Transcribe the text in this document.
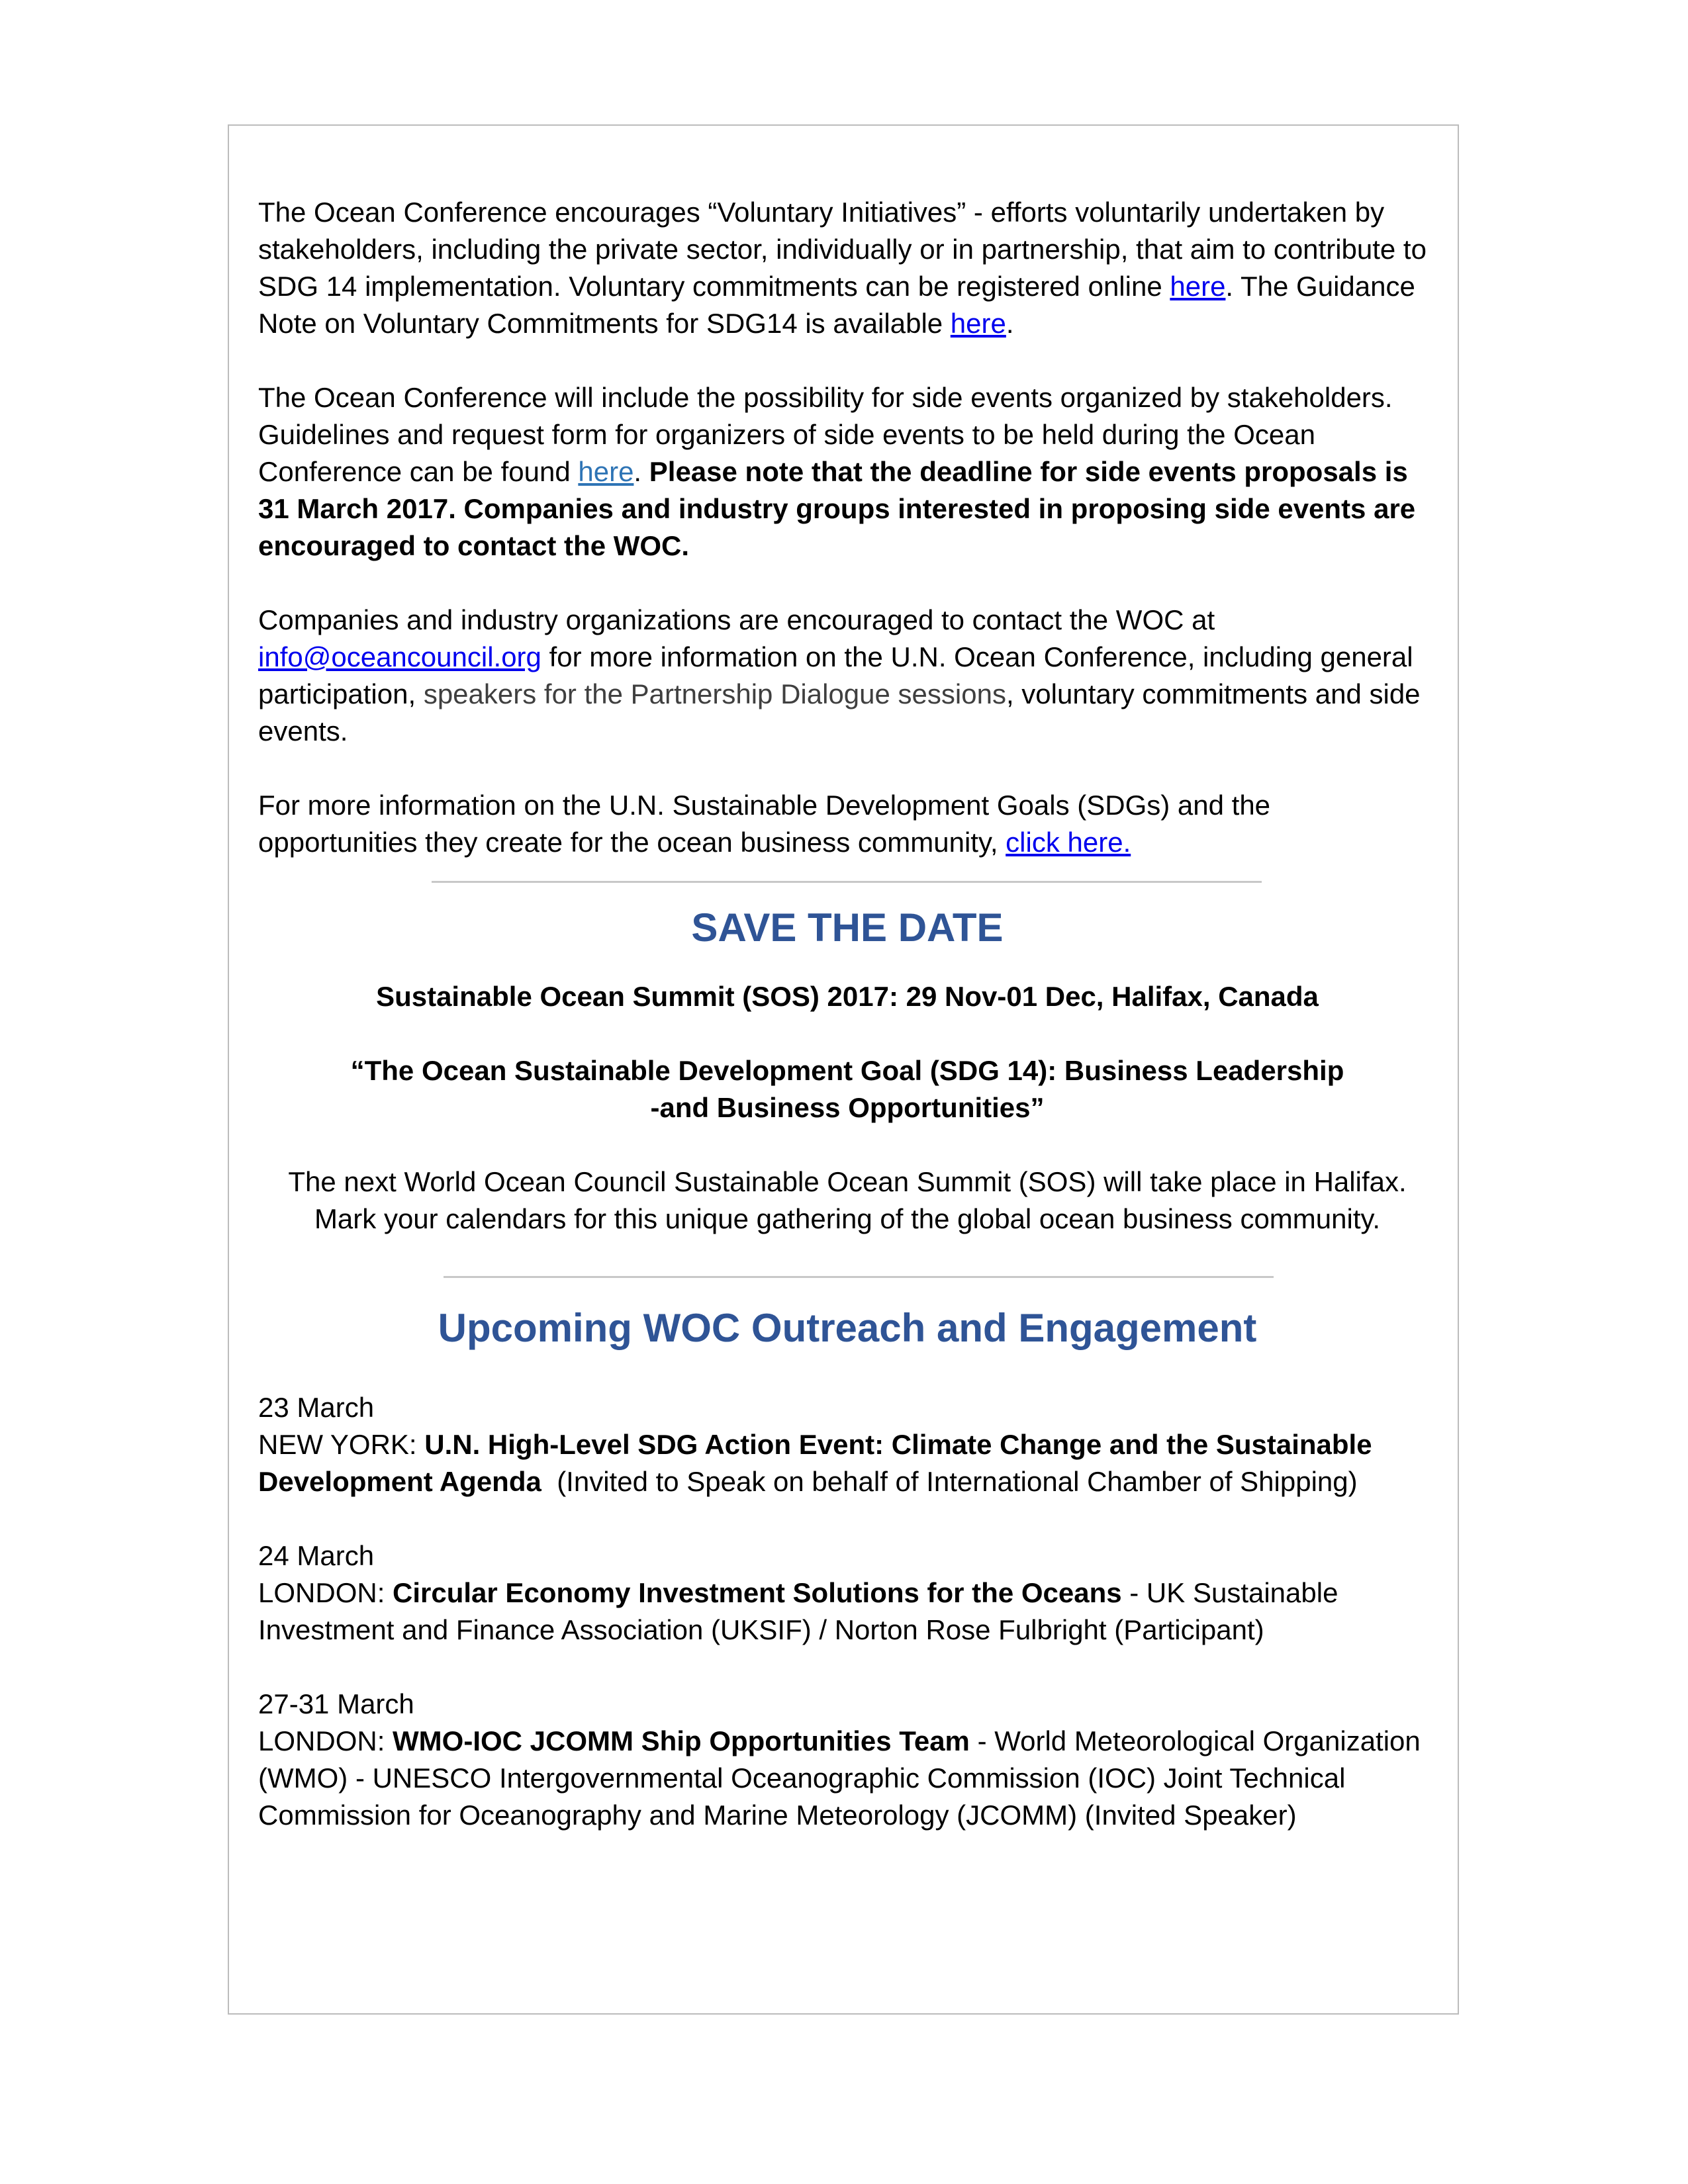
The Ocean Conference encourages “Voluntary Initiatives” - efforts voluntarily undertaken by stakeholders, including the private sector, individually or in partnership, that aim to contribute to SDG 14 implementation. Voluntary commitments can be registered online here. The Guidance Note on Voluntary Commitments for SDG14 is available here.

The Ocean Conference will include the possibility for side events organized by stakeholders. Guidelines and request form for organizers of side events to be held during the Ocean Conference can be found here. Please note that the deadline for side events proposals is 31 March 2017. Companies and industry groups interested in proposing side events are encouraged to contact the WOC.

Companies and industry organizations are encouraged to contact the WOC at info@oceancouncil.org for more information on the U.N. Ocean Conference, including general participation, speakers for the Partnership Dialogue sessions, voluntary commitments and side events.

For more information on the U.N. Sustainable Development Goals (SDGs) and the opportunities they create for the ocean business community, click here.

SAVE THE DATE

Sustainable Ocean Summit (SOS) 2017: 29 Nov-01 Dec, Halifax, Canada

“The Ocean Sustainable Development Goal (SDG 14): Business Leadership
-and Business Opportunities”

The next World Ocean Council Sustainable Ocean Summit (SOS) will take place in Halifax. Mark your calendars for this unique gathering of the global ocean business community.

Upcoming WOC Outreach and Engagement

23 March
NEW YORK: U.N. High-Level SDG Action Event: Climate Change and the Sustainable Development Agenda  (Invited to Speak on behalf of International Chamber of Shipping)

24 March
LONDON: Circular Economy Investment Solutions for the Oceans - UK Sustainable Investment and Finance Association (UKSIF) / Norton Rose Fulbright (Participant)

27-31 March
LONDON: WMO-IOC JCOMM Ship Opportunities Team - World Meteorological Organization (WMO) - UNESCO Intergovernmental Oceanographic Commission (IOC) Joint Technical Commission for Oceanography and Marine Meteorology (JCOMM) (Invited Speaker)
